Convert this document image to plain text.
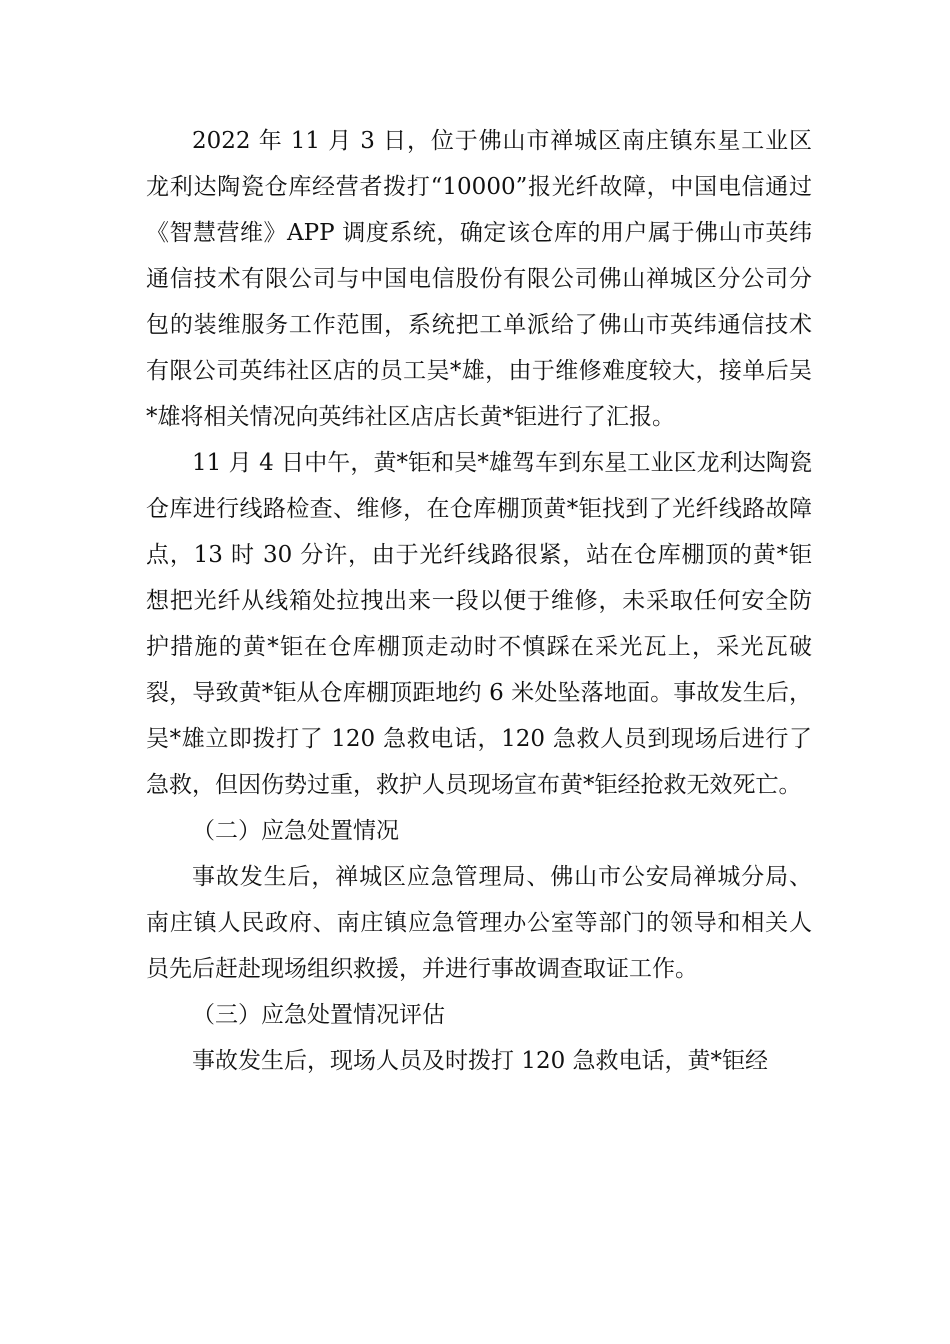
2022 年 11 月 3 日，位于佛山市禅城区南庄镇东星工业区龙利达陶瓷仓库经营者拨打“10000”报光纤故障，中国电信通过《智慧营维》APP 调度系统，确定该仓库的用户属于佛山市英纬通信技术有限公司与中国电信股份有限公司佛山禅城区分公司分包的装维服务工作范围，系统把工单派给了佛山市英纬通信技术有限公司英纬社区店的员工吴*雄，由于维修难度较大，接单后吴*雄将相关情况向英纬社区店店长黄*钜进行了汇报。

11 月 4 日中午，黄*钜和吴*雄驾车到东星工业区龙利达陶瓷仓库进行线路检查、维修，在仓库棚顶黄*钜找到了光纤线路故障点，13 时 30 分许，由于光纤线路很紧，站在仓库棚顶的黄*钜想把光纤从线箱处拉拽出来一段以便于维修，未采取任何安全防护措施的黄*钜在仓库棚顶走动时不慎踩在采光瓦上，采光瓦破裂，导致黄*钜从仓库棚顶距地约 6 米处坠落地面。事故发生后，吴*雄立即拨打了 120 急救电话，120 急救人员到现场后进行了急救，但因伤势过重，救护人员现场宣布黄*钜经抢救无效死亡。

（二）应急处置情况

事故发生后，禅城区应急管理局、佛山市公安局禅城分局、南庄镇人民政府、南庄镇应急管理办公室等部门的领导和相关人员先后赶赴现场组织救援，并进行事故调查取证工作。

（三）应急处置情况评估

事故发生后，现场人员及时拨打 120 急救电话，黄*钜经
